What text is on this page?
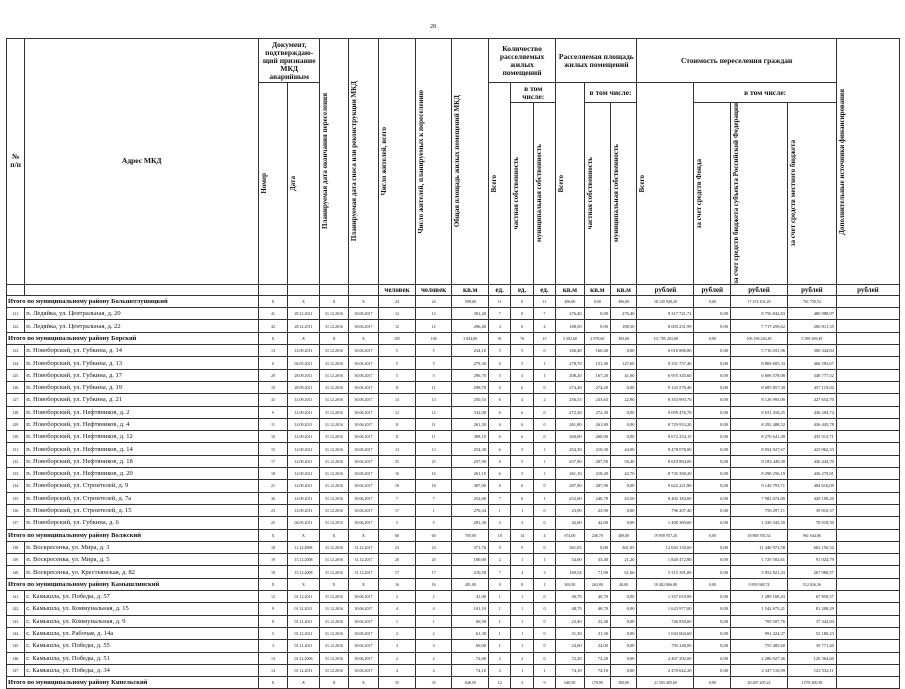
28
№ п/п	Адрес МКД	Документ, подтверждаю-щий признание МКД аварийным		Планируемая дата окончания переселения	Планируемая дата сноса или реконструкции МКД	Число жителей, всего	Число жителей, планируемых к переселению	Общая площадь жилых помещений МКД	Количество расселяемых жилых помещений			Расселяемая площадь жилых помещений			Стоимость переселения граждан				Дополнительные источники финансирования

		Номер	Дата						Всего	в том числе:		Всего	в том числе:		Всего	в том числе:			

										частная собственность	муниципальная собственность		частная собственность	муниципальная собственность		за счет средств Фонда	за счет средств бюджета субъекта Российской Федерации	за счет средств местного бюджета	

						человек	человек	кв.м	ед.	ед.	ед.	кв.м	кв.м	кв.м	рублей	рублей	рублей	рублей	рублей
Итого по муниципальному району Большеглушицкий		X	X	X	X	24	24	598,00	11	0	11	496,00	0,00	496,00	18 120 949,20	0,00	17 474 101,20	761 758,52	
121.	п. Ледяйка, ул. Центральная, д. 20	41	28.12.2011	31.12.2016	30.06.2017	12	12	301,20	7	0	7	276,40	0,00	276,40	9 317 721,72	0,00	8 756 842,83	480 988,97	
122.	п. Ледяйка, ул. Центральная, д. 22	42	28.12.2011	31.12.2016	30.06.2017	12	12	296,40	4	0	4	188,50	0,00	188,50	8 003 231,99	0,00	7 717 259,62	280 811,35	
Итого по муниципальному району Борский		X	X	X	X	105	106	3 844,00	91	76	15	3 302,60	2 978,60	383,60	111 785 203,08	0,00	106 196 226,49	5 589 269,49	
123.	п. Новоборский, ул. Губкина, д. 14	13	14.09.2011	31.12.2016	30.06.2017	5	5	234,10	5	5	0	166,40	166,40	0,00	6 016 886,80	0,00	5 716 031,96	300 344,84	
124.	п. Новоборский, ул. Губкина, д. 13	6	04.05.2011	31.12.2016	30.06.2017	5	5	279,30	6	5	1	278,70	151,40	127,60	9 331 757,40	0,00	8 869 605,33	466 583,67	
125.	п. Новоборский, ул. Губкина, д. 17	20	28.09.2011	31.12.2016	30.06.2017	5	5	296,70	5	4	1	208,20	167,20	41,00	6 955 345,60	0,00	6 606 578,08	348 777,52	
126.	п. Новоборский, ул. Губкина, д. 19	19	28.09.2011	31.12.2016	30.06.2017	11	11	298,70	6	6	0	274,20	274,20	0,00	9 143 576,40	0,00	8 685 857,30	457 119,02	
127.	п. Новоборский, ул. Губкина, д. 21	41	14.09.2011	31.12.2016	30.06.2017	13	13	250,53	6	4	2	256,53	233,63	22,90	8 353 993,70	0,00	8 126 993,00	427 654,70	
128.	п. Новоборский, ул. Нефтяников, д. 2	9	14.09.2011	31.12.2016	30.06.2017	12	12	332,00	6	6	0	272,30	272,30	0,00	9 059 476,70	0,00	8 631 416,25	436 284,74	
129.	п. Новоборский, ул. Нефтяников, д. 4	11	14.09.2011	31.12.2016	30.06.2017	11	11	261,50	6	6	0	261,80	261,80	0,00	8 729 933,20	0,00	8 292 488,52	436 445,78	
130.	п. Новоборский, ул. Нефтяников, д. 12	10	14.09.2011	31.12.2016	30.06.2017	11	11	308,10	6	6	0	260,00	260,00	0,00	8 672 254,15	0,00	8 276 641,49	435 913,71	
131.	п. Новоборский, ул. Нефтяников, д. 14	15	14.09.2011	31.12.2016	30.06.2017	13	13	254,30	6	5	1	254,30	210,30	44,00	8 478 078,00	0,00	8 054 927,67	423 962,33	
132.	п. Новоборский, ул. Нефтяников, д. 18	17	14.09.2011	31.12.2016	30.06.2017	25	25	257,90	6	5	1	257,90	207,50	50,40	8 619 894,00	0,00	8 183 449,30	436 444,70	
133.	п. Новоборский, ул. Нефтяников, д. 20	18	14.09.2011	31.12.2016	30.06.2017	16	16	261,10	6	5	1	261,10	218,40	42,70	8 735 390,20	0,00	8 298 256,19	436 279,01	
134.	п. Новоборский, ул. Строителей, д. 9	21	14.09.2011	31.12.2016	30.06.2017	18	18	307,00	6	6	0	287,90	287,90	0,00	9 622 221,80	0,00	9 149 793,71	484 616,09	
135.	п. Новоборский, ул. Строителей, д. 7а	36	14.09.2011	31.12.2016	30.06.2017	7	7	252,00	7	6	1	252,00	240,78	43,50	8 402 184,00	0,00	7 982 074,80	420 109,20	
136.	п. Новоборский, ул. Строителей, д. 15	23	14.09.2011	31.12.2016	30.06.2017	17	1	276,34	1	1	0	23,90	23,90	0,00	796 207,40	0,00	756 297,11	39 810,37	
137.	п. Новоборский, ул. Губкина, д. 6	25	04.05.2011	31.12.2015	30.06.2017	5	5	281,30	3	3	0	42,00	42,00	0,00	1 400 369,00	0,00	1 330 345,50	70 018,50	
Итого по муниципальному району Волжский		X	X	X	X	60	60	705,00	18	14	4	674,00	246,70	489,00	19 958 957,20	0,00	18 868 765,34	961 644,86	
138.	п. Воскресенка, ул. Мира, д. 3	18	11.12.2008	31.12.2016	31.12.2017	23	23	371,76	9	9	0	361,05	0,00	361,05	12 043 130,60	0,00	11 440 973,58	602 156,52	
139.	п. Воскресенка, ул. Мира, д. 5	19	15.12.2008	31.12.2016	31.12.2017	20	20	180,00	2	1	1	54,60	33,40	21,20	1 820 472,80	0,00	1 729 502,61	91 024,79	
140.	п. Воскресенка, ул. Крестьянская, д. 82	18	15.12.2008	31.12.2016	31.12.2017	17	17	210,50	7	4	3	169,54	71,90	61,66	5 315 391,00	0,00	5 052 821,43	267 980,57	
Итого по муниципальному району Камышлинский		X	X	X	X	16	16	491,00	9	8	1	303,90	263,80	40,00	10 402 866,80	0,00	9 839 948,74	512 026,36	
141.	с. Камышла, ул. Победы, д. 57	12	01.12.2011	31.12.2016	30.06.2017	2	2	41,00	1	1	0	40,70	40,70	0,00	1 357 019,00	0,00	1 289 168,43	67 850,57	
142.	с. Камышла, ул. Коммунальная, д. 15	9	01.12.2011	31.12.2016	30.06.2017	4	4	101,10	1	1	0	48,70	48,70	0,00	1 623 977,00	0,00	1 542 675,21	81 208,29	
143.	с. Камышла, ул. Коммунальная, д. 9	8	01.12.2011	31.12.2016	30.06.2017	1	1	60,50	1	1	0	22,40	22,40	0,00	746 850,60	0,00	709 507,76	37 342,84	
144.	с. Камышла, ул. Рабочая, д. 14а	5	01.12.2011	31.12.2016	30.06.2017	2	2	61,30	1	1	0	31,30	31,30	0,00	1 043 604,60	0,00	991 424,37	52 180,23	
145.	с. Камышла, ул. Победы, д. 55	3	01.12.2011	31.12.2016	30.06.2017	3	3	69,00	1	1	0	24,00	24,00	0,00	795 248,00	0,00	755 485,60	39 771,40	
146.	с. Камышла, ул. Победы, д. 51	13	01.12.2006	31.12.2016	30.06.2017	2	2	72,00	2	2	0	72,20	72,20	0,00	2 407 292,00	0,00	2 286 927,36	120 364,60	
147.	с. Камышла, ул. Победы, д. 34	14	01.12.2011	31.12.2016	30.06.2017	4	4	74,10	2	1	1	74,10	74,10	0,00	2 470 642,20	0,00	2 347 110,09	123 532,11	
Итого по муниципальному району Кинельский		X	X	X	X	35	35	648,50	12	3	9	648,50	170,90	300,00	21 565 405,60	0,00	20 487 205,22	1 078 200,38	
